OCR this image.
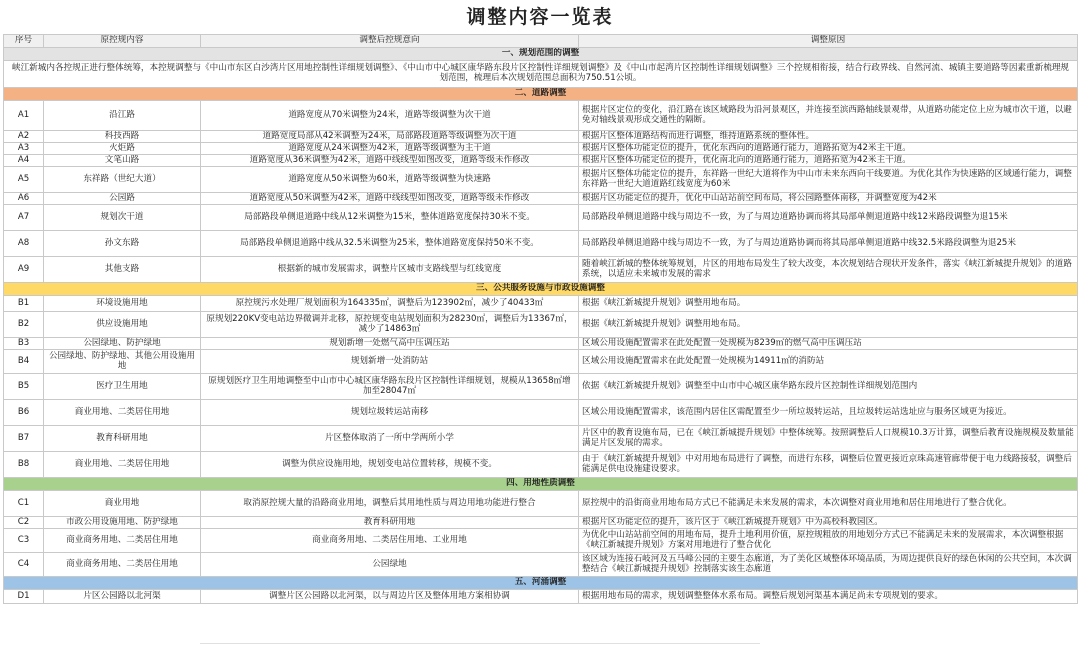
调整内容一览表
序号	原控规内容	调整后控规意向	调整原因
一、规划范围的调整			
峡江新城内各控规正进行整体统筹，本控规调整与《中山市东区白沙湾片区用地控制性详细规划调整》、《中山市中心城区康华路东段片区控制性详细规划调整》及《中山市起湾片区控制性详细规划调整》三个控规相衔接，结合行政界线、自然河流、城镇主要道路等因素重新梳理规划范围，梳理后本次规划范围总面积为750.51公顷。			
二、道路调整			
A1	沿江路	道路宽度从70米调整为24米，道路等级调整为次干道	根据片区定位的变化，沿江路在该区域路段为沿河景观区，并连接至滨西路轴线景观带，从道路功能定位上应为城市次干道，以避免对轴线景观形成交通性的隔断。
A2	科技西路	道路宽度局部从42米调整为24米，局部路段道路等级调整为次干道	根据片区整体道路结构而进行调整，维持道路系统的整体性。
A3	火炬路	道路宽度从24米调整为42米，道路等级调整为主干道	根据片区整体功能定位的提升，优化东西向的道路通行能力，道路拓宽为42米主干道。
A4	文笔山路	道路宽度从36米调整为42米，道路中线线型如图改变，道路等级未作修改	根据片区整体功能定位的提升，优化南北向的道路通行能力，道路拓宽为42米主干道。
A5	东祥路（世纪大道）	道路宽度从50米调整为60米，道路等级调整为快速路	根据片区整体功能定位的提升，东祥路一世纪大道将作为中山市未来东西向干线要道。为优化其作为快速路的区域通行能力，调整东祥路一世纪大道道路红线宽度为60米
A6	公园路	道路宽度从50米调整为42米，道路中线线型如图改变，道路等级未作修改	根据片区功能定位的提升，优化中山站站前空间布局，将公园路整体南移，并调整宽度为42米
A7	规划次干道	局部路段单侧退道路中线从12米调整为15米，整体道路宽度保持30米不变。	局部路段单侧退道路中线与周边不一致，为了与周边道路协调而将其局部单侧退道路中线12米路段调整为退15米
A8	孙文东路	局部路段单侧退道路中线从32.5米调整为25米，整体道路宽度保持50米不变。	局部路段单侧退道路中线与周边不一致，为了与周边道路协调而将其局部单侧退道路中线32.5米路段调整为退25米
A9	其他支路	根据新的城市发展需求，调整片区城市支路线型与红线宽度	随着峡江新城的整体统筹规划，片区的用地布局发生了较大改变，本次规划结合现状开发条件，落实《峡江新城提升规划》的道路系统，以适应未来城市发展的需求
三、公共服务设施与市政设施调整			
B1	环境设施用地	原控规污水处理厂规划面积为164335㎡，调整后为123902㎡，减少了40433㎡	根据《峡江新城提升规划》调整用地布局。
B2	供应设施用地	原规划220KV变电站边界微调并北移，原控规变电站规划面积为28230㎡，调整后为13367㎡，减少了14863㎡	根据《峡江新城提升规划》调整用地布局。
B3	公园绿地、防护绿地	规划新增一处燃气高中压调压站	区域公用设施配置需求在此处配置一处规模为8239㎡的燃气高中压调压站
B4	公园绿地、防护绿地、其他公用设施用地	规划新增一处消防站	区域公用设施配置需求在此处配置一处规模为14911㎡的消防站
B5	医疗卫生用地	原规划医疗卫生用地调整至中山市中心城区康华路东段片区控制性详细规划，规模从13658㎡增加至28047㎡	依据《峡江新城提升规划》调整至中山市中心城区康华路东段片区控制性详细规划范围内
B6	商业用地、二类居住用地	规划垃圾转运站南移	区域公用设施配置需求，该范围内居住区需配置至少一所垃圾转运站，且垃圾转运站选址应与服务区域更为接近。
B7	教育科研用地	片区整体取消了一所中学两所小学	片区中的教育设施布局，已在《峡江新城提升规划》中整体统筹。按照调整后人口规模10.3万计算，调整后教育设施规模及数量能满足片区发展的需求。
B8	商业用地、二类居住用地	调整为供应设施用地，规划变电站位置转移，规模不变。	由于《峡江新城提升规划》中对用地布局进行了调整，而进行东移，调整后位置更接近京珠高速管廊带便于电力线路接驳，调整后能满足供电设施建设要求。
四、用地性质调整			
C1	商业用地	取消原控规大量的沿路商业用地，调整后其用地性质与周边用地功能进行整合	原控规中的沿街商业用地布局方式已不能满足未来发展的需求，本次调整对商业用地和居住用地进行了整合优化。
C2	市政公用设施用地、防护绿地	教育科研用地	根据片区功能定位的提升，该片区于《峡江新城提升规划》中为高校科教园区。
C3	商业商务用地、二类居住用地	商业商务用地、二类居住用地、工业用地	为优化中山站站前空间的用地布局，提升土地利用价值，原控规粗放的用地划分方式已不能满足未来的发展需求，本次调整根据《峡江新城提升规划》方案对用地进行了整合优化
C4	商业商务用地、二类居住用地	公园绿地	该区域为连接石岐河及五马峰公园的主要生态廊道，为了美化区域整体环境品质，为周边提供良好的绿色休闲的公共空间，本次调整结合《峡江新城提升规划》控制落实该生态廊道
五、河涌调整			
D1	片区公园路以北河渠	调整片区公园路以北河渠，以与周边片区及整体用地方案相协调	根据用地布局的需求，规划调整整体水系布局。调整后规划河渠基本满足尚未专项规划的要求。
